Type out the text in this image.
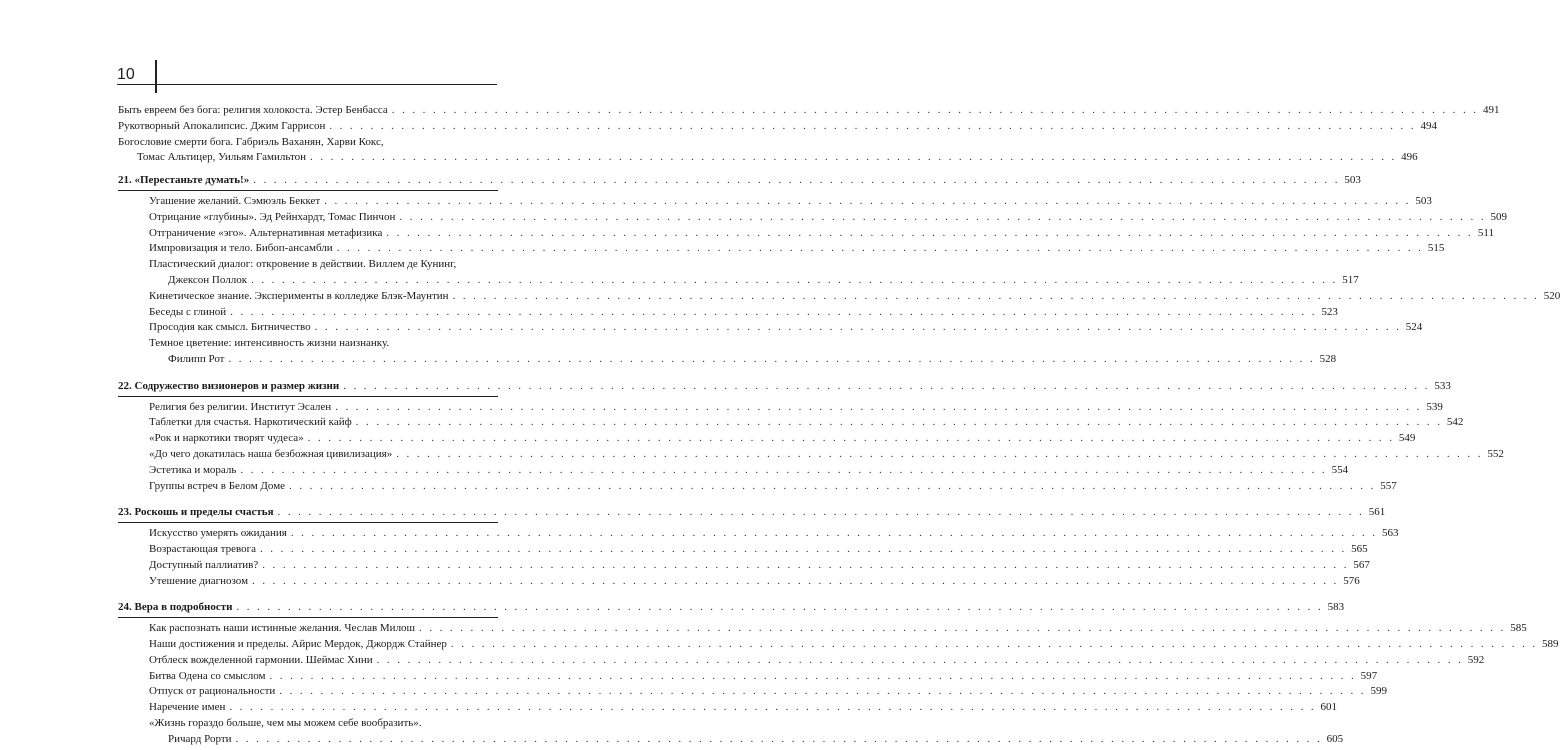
10
Быть евреем без бога: религия холокоста. Эстер Бенбасса . . .	491
Рукотворный Апокалипсис. Джим Гаррисон . . .	494
Богословие смерти бога. Габриэль Ваханян, Харви Кокс,
Томас Альтицер, Уильям Гамильтон . . .	496
21. «Перестаньте думать!» . . .	503
Угашение желаний. Сэмюэль Беккет . . .	503
Отрицание «глубины». Эд Рейнхардт, Томас Пинчон . . .	509
Отграничение «эго». Альтернативная метафизика . . .	511
Импровизация и тело. Бибоп-ансамбли . . .	515
Пластический диалог: откровение в действии. Виллем де Кунинг,
Джексон Поллок . . .	517
Кинетическое знание. Эксперименты в колледже Блэк-Маунтин . . .	520
Беседы с глиной . . .	523
Просодия как смысл. Битничество . . .	524
Темное цветение: интенсивность жизни наизнанку.
Филипп Рот . . .	528
22. Содружество визионеров и размер жизни . . .	533
Религия без религии. Институт Эсален . . .	539
Таблетки для счастья. Наркотический кайф . . .	542
«Рок и наркотики творят чудеса» . . .	549
«До чего докатилась наша безбожная цивилизация» . . .	552
Эстетика и мораль . . .	554
Группы встреч в Белом Доме . . .	557
23. Роскошь и пределы счастья . . .	561
Искусство умерять ожидания . . .	563
Возрастающая тревога . . .	565
Доступный паллиатив? . . .	567
Утешение диагнозом . . .	576
24. Вера в подробности . . .	583
Как распознать наши истинные желания. Чеслав Милош . . .	585
Наши достижения и пределы. Айрис Мердок, Джордж Стайнер . . .	589
Отблеск вожделенной гармонии. Шеймас Хини . . .	592
Битва Одена со смыслом . . .	597
Отпуск от рациональности . . .	599
Наречение имен . . .	601
«Жизнь гораздо больше, чем мы можем себе вообразить».
Ричард Рорти . . .	605
